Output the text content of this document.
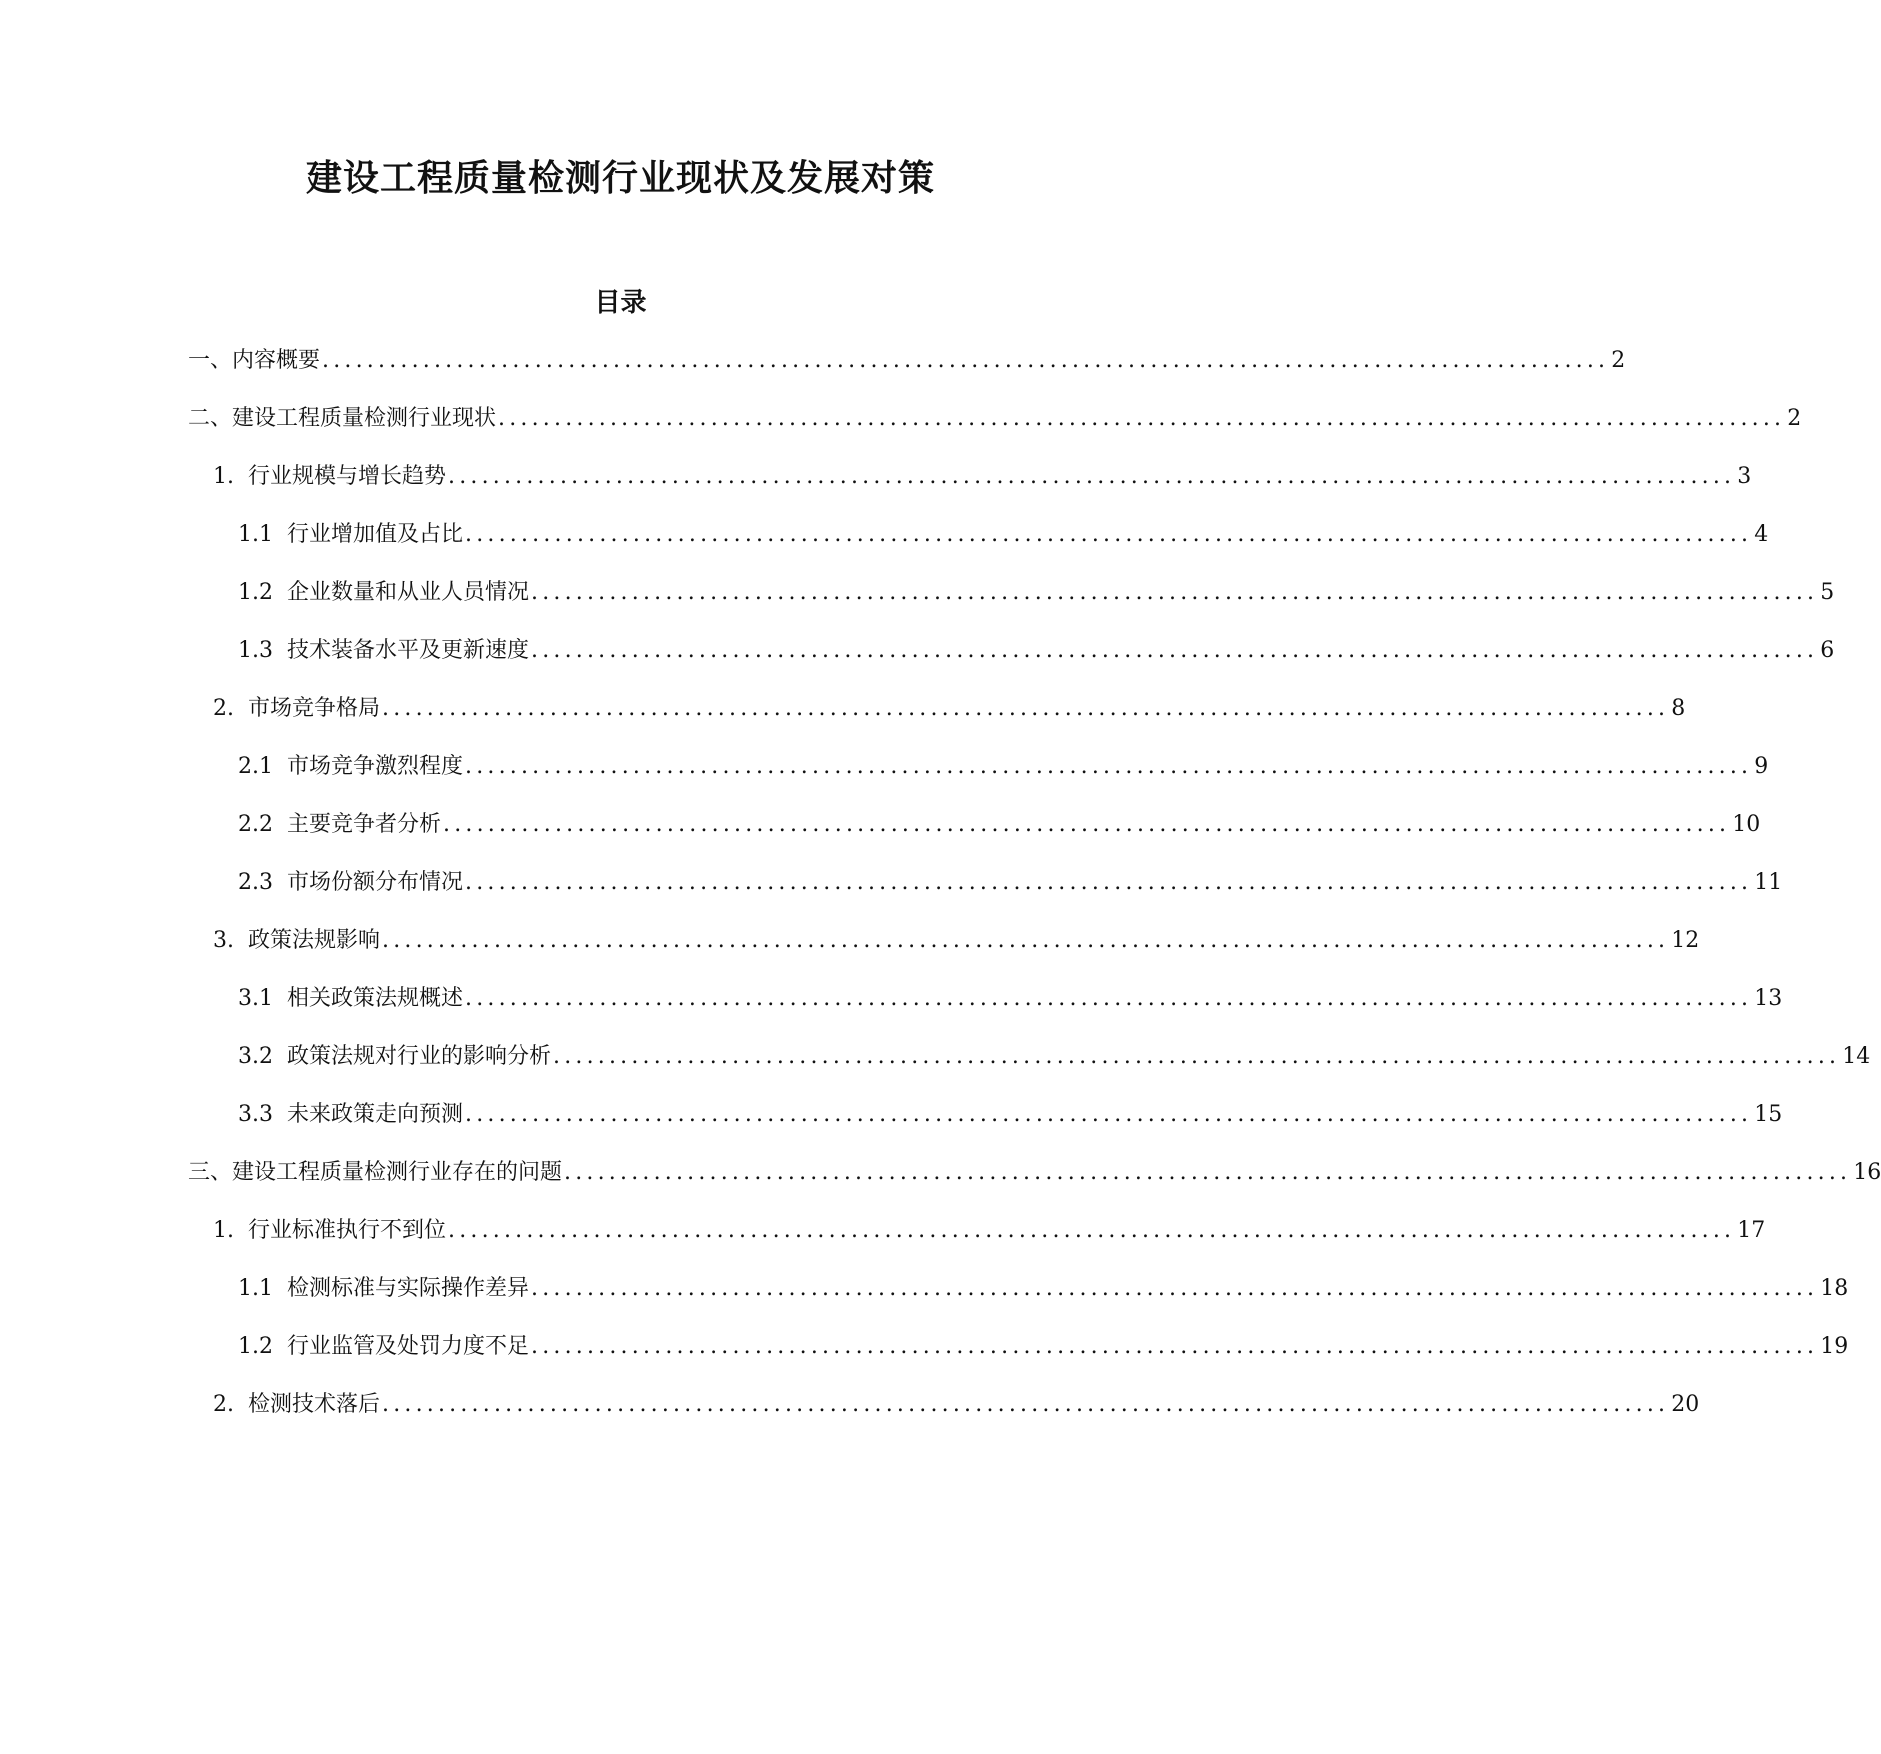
建设工程质量检测行业现状及发展对策
目录
一、 内容概要 ................................................................................................................... 2
二、 建设工程质量检测行业现状 ................................................................................................................... 2
1. 行业规模与增长趋势 ................................................................................................................... 3
1.1 行业增加值及占比 ................................................................................................................... 4
1.2 企业数量和从业人员情况 ................................................................................................................... 5
1.3 技术装备水平及更新速度 ................................................................................................................... 6
2. 市场竞争格局 ................................................................................................................... 8
2.1 市场竞争激烈程度 ................................................................................................................... 9
2.2 主要竞争者分析 ................................................................................................................... 10
2.3 市场份额分布情况 ................................................................................................................... 11
3. 政策法规影响 ................................................................................................................... 12
3.1 相关政策法规概述 ................................................................................................................... 13
3.2 政策法规对行业的影响分析 ................................................................................................................... 14
3.3 未来政策走向预测 ................................................................................................................... 15
三、 建设工程质量检测行业存在的问题 ................................................................................................................... 16
1. 行业标准执行不到位 ................................................................................................................... 17
1.1 检测标准与实际操作差异 ................................................................................................................... 18
1.2 行业监管及处罚力度不足 ................................................................................................................... 19
2. 检测技术落后 ................................................................................................................... 20
